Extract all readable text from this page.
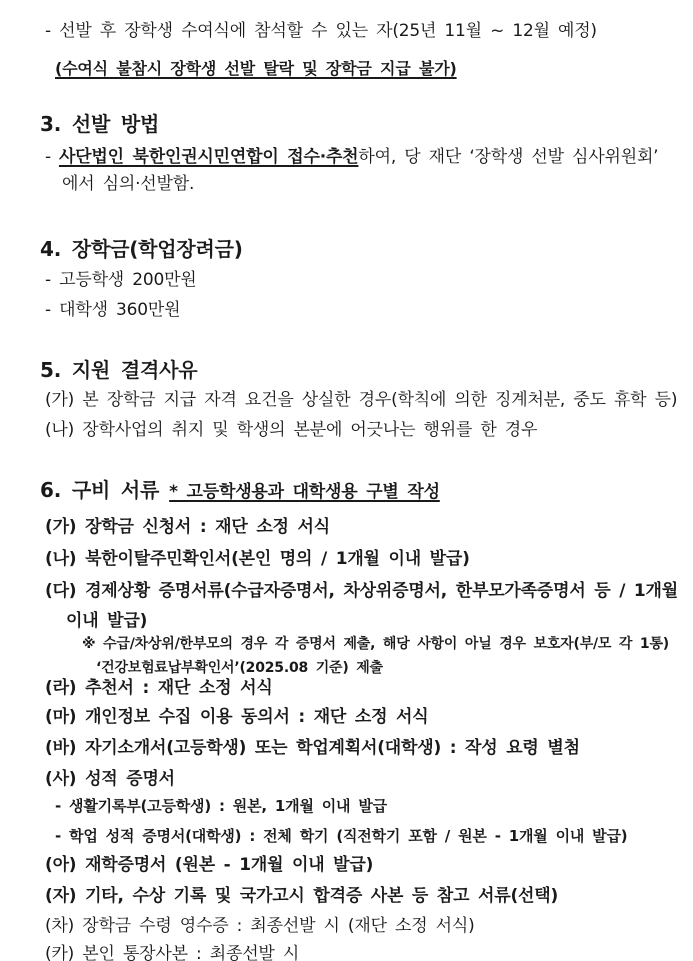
- 선발 후 장학생 수여식에 참석할 수 있는 자(25년 11월 ~ 12월 예정)

(수여식 불참시 장학생 선발 탈락 및 장학금 지급 불가)

3. 선발 방법

- 사단법인 북한인권시민연합이 접수·추천하여, 당 재단 ‘장학생 선발 심사위원회’

에서 심의·선발함.

4. 장학금(학업장려금)

- 고등학생 200만원

- 대학생 360만원

5. 지원 결격사유

(가) 본 장학금 지급 자격 요건을 상실한 경우(학칙에 의한 징계처분, 중도 휴학 등)

(나) 장학사업의 취지 및 학생의 본분에 어긋나는 행위를 한 경우

6. 구비 서류 * 고등학생용과 대학생용 구별 작성

(가) 장학금 신청서 : 재단 소정 서식

(나) 북한이탈주민확인서(본인 명의 / 1개월 이내 발급)

(다) 경제상황 증명서류(수급자증명서, 차상위증명서, 한부모가족증명서 등 / 1개월

이내 발급)

※ 수급/차상위/한부모의 경우 각 증명서 제출, 해당 사항이 아닐 경우 보호자(부/모 각 1통)

‘건강보험료납부확인서’(2025.08 기준) 제출

(라) 추천서 : 재단 소정 서식

(마) 개인정보 수집 이용 동의서 : 재단 소정 서식

(바) 자기소개서(고등학생) 또는 학업계획서(대학생) : 작성 요령 별첨

(사) 성적 증명서

- 생활기록부(고등학생) : 원본, 1개월 이내 발급

- 학업 성적 증명서(대학생) : 전체 학기 (직전학기 포함 / 원본 - 1개월 이내 발급)

(아) 재학증명서 (원본 - 1개월 이내 발급)

(자) 기타, 수상 기록 및 국가고시 합격증 사본 등 참고 서류(선택)

(차) 장학금 수령 영수증 : 최종선발 시 (재단 소정 서식)

(카) 본인 통장사본 : 최종선발 시
